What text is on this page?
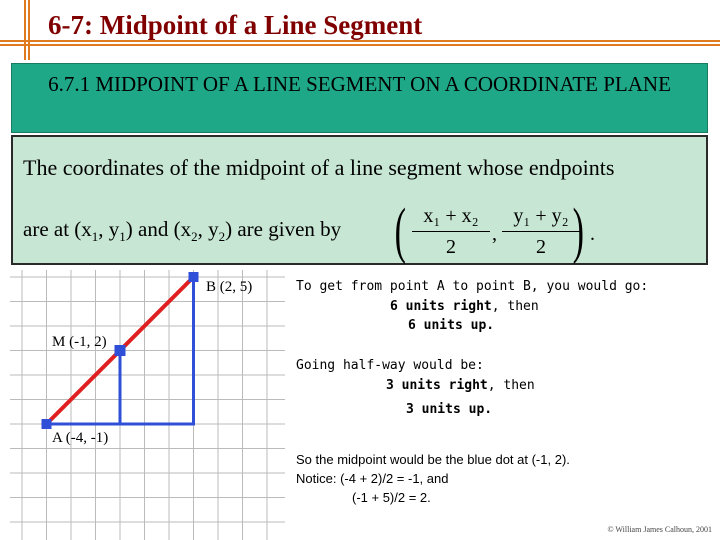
6-7: Midpoint of a Line Segment
6.7.1 MIDPOINT OF A LINE SEGMENT ON A COORDINATE PLANE
The coordinates of the midpoint of a line segment whose endpoints
are at ($x_1$, $y_1$) and ($x_2$, $y_2$) are given by ( x₁ + x₂
2
,
y₁ + y₂
2 ) .
B (2, 5)
M (-1, 2)
A (-4, -1)
To get from point A to point B, you would go:
6 units right, then
6 units up.
Going half-way would be:
3 units right, then
3 units up.
So the midpoint would be the blue dot at (-1, 2).
Notice: (-4 + 2)/2 = -1, and
(-1 + 5)/2 = 2.
© William James Calhoun, 2001
